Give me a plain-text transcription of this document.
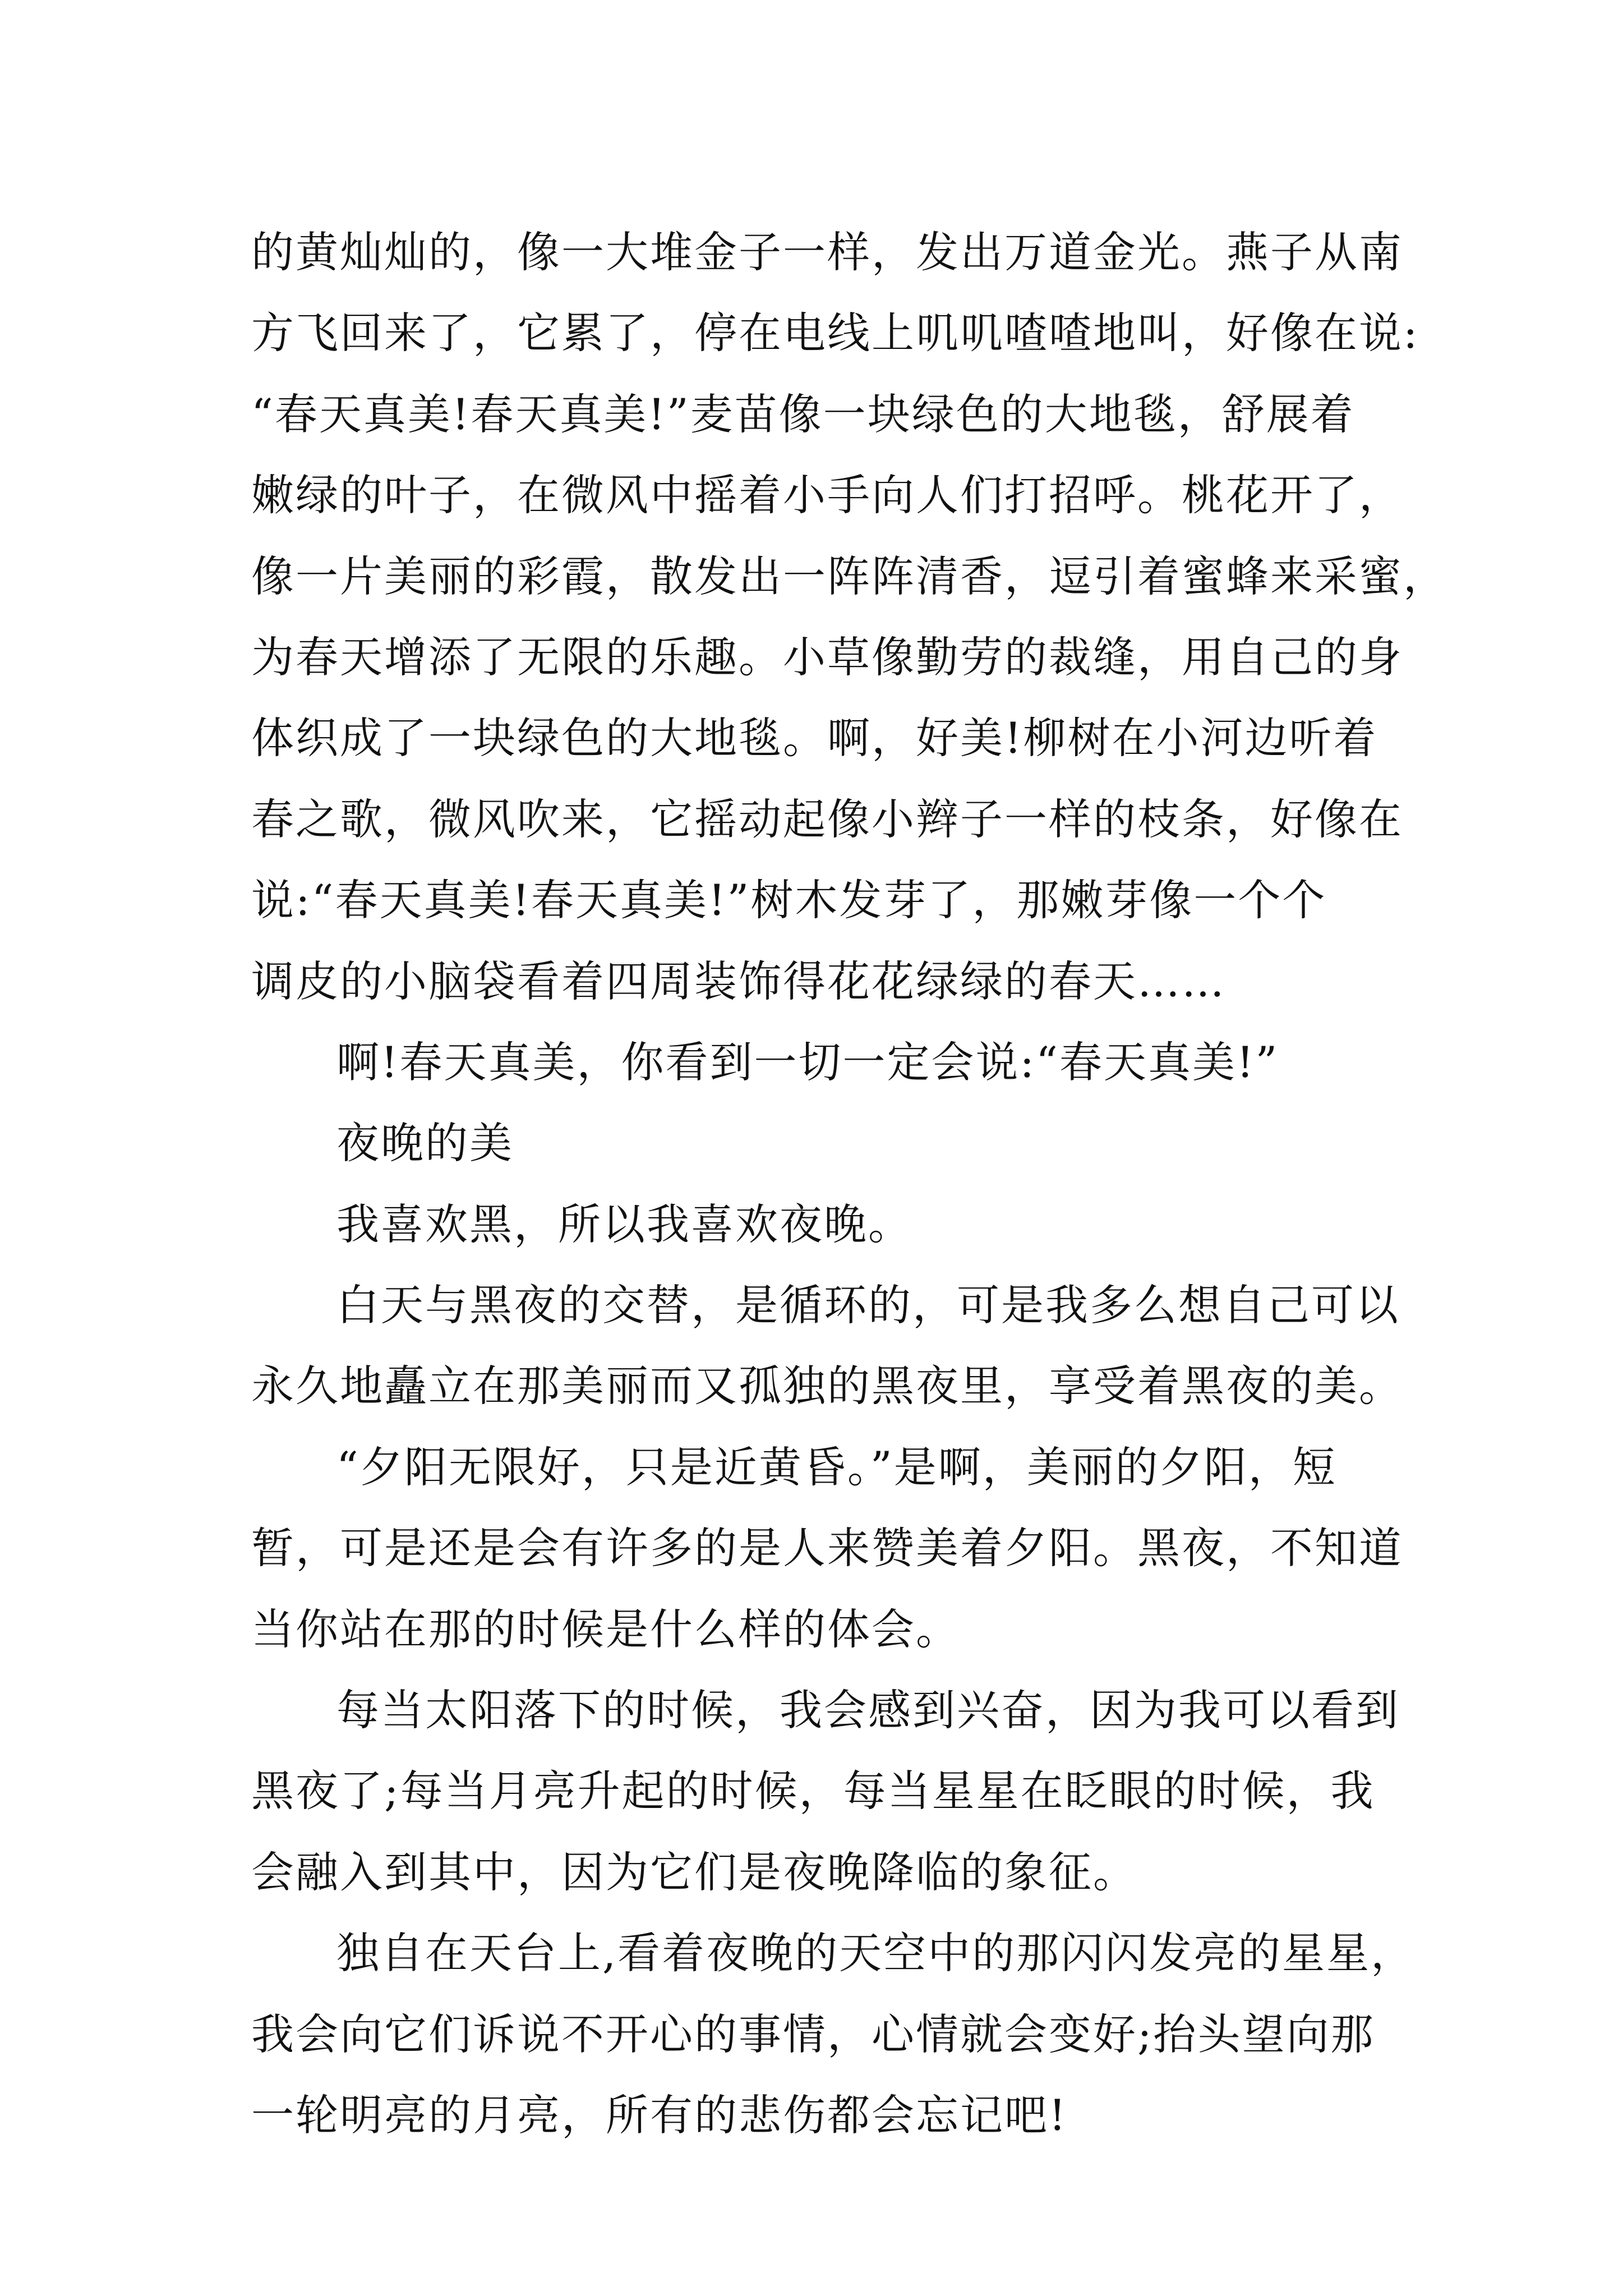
的黄灿灿的，像一大堆金子一样，发出万道金光。燕子从南
方飞回来了，它累了，停在电线上叽叽喳喳地叫，好像在说:
“春天真美!春天真美!”麦苗像一块绿色的大地毯，舒展着
嫩绿的叶子，在微风中摇着小手向人们打招呼。桃花开了，
像一片美丽的彩霞，散发出一阵阵清香，逗引着蜜蜂来采蜜，
为春天增添了无限的乐趣。小草像勤劳的裁缝，用自己的身
体织成了一块绿色的大地毯。啊，好美!柳树在小河边听着
春之歌，微风吹来，它摇动起像小辫子一样的枝条，好像在
说:“春天真美!春天真美!”树木发芽了，那嫩芽像一个个
调皮的小脑袋看着四周装饰得花花绿绿的春天……
啊!春天真美，你看到一切一定会说:“春天真美!”
夜晚的美
我喜欢黑，所以我喜欢夜晚。
白天与黑夜的交替，是循环的，可是我多么想自己可以
永久地矗立在那美丽而又孤独的黑夜里，享受着黑夜的美。
“夕阳无限好，只是近黄昏。”是啊，美丽的夕阳，短
暂，可是还是会有许多的是人来赞美着夕阳。黑夜，不知道
当你站在那的时候是什么样的体会。
每当太阳落下的时候，我会感到兴奋，因为我可以看到
黑夜了;每当月亮升起的时候，每当星星在眨眼的时候，我
会融入到其中，因为它们是夜晚降临的象征。
独自在天台上,看着夜晚的天空中的那闪闪发亮的星星，
我会向它们诉说不开心的事情，心情就会变好;抬头望向那
一轮明亮的月亮，所有的悲伤都会忘记吧!
